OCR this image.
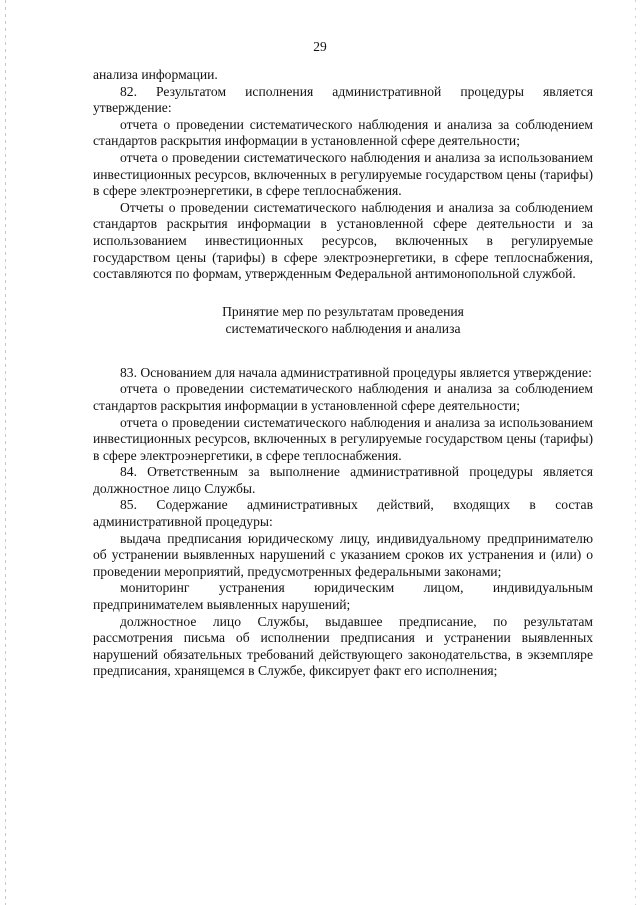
29

анализа информации.

82. Результатом исполнения административной процедуры является утверждение:

отчета о проведении систематического наблюдения и анализа за соблюдением стандартов раскрытия информации в установленной сфере деятельности;

отчета о проведении систематического наблюдения и анализа за использованием инвестиционных ресурсов, включенных в регулируемые государством цены (тарифы) в сфере электроэнергетики, в сфере теплоснабжения.

Отчеты о проведении систематического наблюдения и анализа за соблюдением стандартов раскрытия информации в установленной сфере деятельности и за использованием инвестиционных ресурсов, включенных в регулируемые государством цены (тарифы) в сфере электроэнергетики, в сфере теплоснабжения, составляются по формам, утвержденным Федеральной антимонопольной службой.

Принятие мер по результатам проведения
систематического наблюдения и анализа

83. Основанием для начала административной процедуры является утверждение:

отчета о проведении систематического наблюдения и анализа за соблюдением стандартов раскрытия информации в установленной сфере деятельности;

отчета о проведении систематического наблюдения и анализа за использованием инвестиционных ресурсов, включенных в регулируемые государством цены (тарифы) в сфере электроэнергетики, в сфере теплоснабжения.

84. Ответственным за выполнение административной процедуры является должностное лицо Службы.

85. Содержание административных действий, входящих в состав административной процедуры:

выдача предписания юридическому лицу, индивидуальному предпринимателю об устранении выявленных нарушений с указанием сроков их устранения и (или) о проведении мероприятий, предусмотренных федеральными законами;

мониторинг устранения юридическим лицом, индивидуальным предпринимателем выявленных нарушений;

должностное лицо Службы, выдавшее предписание, по результатам рассмотрения письма об исполнении предписания и устранении выявленных нарушений обязательных требований действующего законодательства, в экземпляре предписания, хранящемся в Службе, фиксирует факт его исполнения;
